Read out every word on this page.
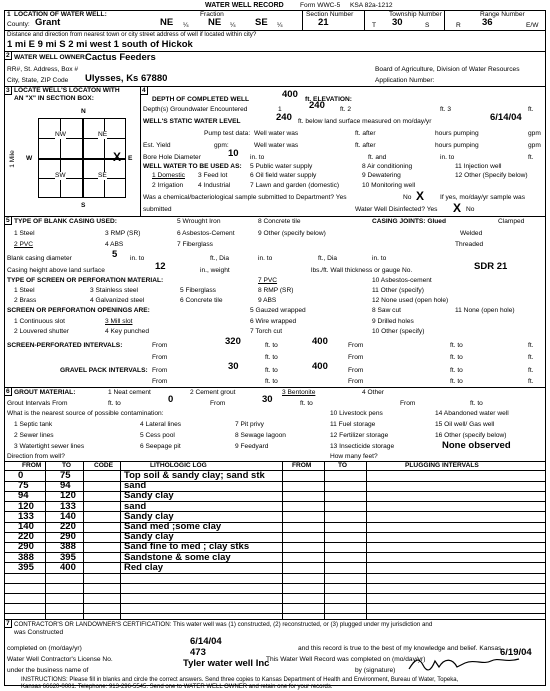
WATER WELL RECORD Form WWC-5 KSA 82a-1212
1 LOCATION OF WATER WELL:
County: Grant
Fraction
NE ¼ NE ¼ SE ¼
Section Number
21
Township Number
T 30	S
Range Number
R 36	E/W
Distance and direction from nearest town or city street address of well if located within city?
1 mi E 9 mi S 2 mi west 1 south of Hickok
2 WATER WELL OWNER:
Cactus Feeders
RR#, St. Address, Box #
City, State, ZIP Code Ulysses, Ks 67880
Board of Agriculture, Division of Water Resources
Application Number:
3 LOCATE WELL'S LOCATON WITH
AN "X" IN SECTION BOX:
N
S
W	E
NW	NE
SW	SE
X
1 Mile
4
DEPTH OF COMPLETED WELL	400 ft. ELEVATION:
Depth(s) Groundwater Encountered	1	240 ft. 2	ft. 3	ft.
WELL'S STATIC WATER LEVEL	240 ft. below land surface measured on mo/day/yr	6/14/04
Pump test data: Well water was	ft. after	hours pumping	gpm
Est. Yield	gpm:	Well water was	ft. after	hours pumping	gpm
Bore Hole Diameter	10 in. to	ft. and	in. to	ft.
WELL WATER TO BE USED AS:
1 Domestic
2 Irrigation
3 Feed lot
4 Industrial
5 Public water supply
6 Oil field water supply
7 Lawn and garden (domestic)
8 Air conditioning
9 Dewatering
10 Monitoring well
11 Injection well
12 Other (Specify below)
Was a chemical/bacteriological sample submitted to Department? Yes	No X If yes, mo/day/yr sample was
submitted	Water Well Disinfected? Yes X No
5 TYPE OF BLANK CASING USED:
1 Steel
2 PVC
3 RMP (SR)
4 ABS
5 Wrought Iron
6 Asbestos-Cement
7 Fiberglass
8 Concrete tile
9 Other (specify below)
CASING JOINTS: Glued	Clamped
Welded
Threaded
Blank casing diameter	5 in. to	ft., Dia	in. to	ft., Dia	in. to
Casing height above land surface	12	in., weight	lbs./ft. Wall thickness or gauge No.	SDR 21
TYPE OF SCREEN OR PERFORATION MATERIAL:
1 Steel
2 Brass
3 Stainless steel
4 Galvanized steel
5 Fiberglass
6 Concrete tile
7 PVC
8 RMP (SR)
9 ABS
10 Asbestos-cement
11 Other (specify)
12 None used (open hole)
SCREEN OR PERFORATION OPENINGS ARE:
1 Continuous slot
2 Louvered shutter
3 Mill slot
4 Key punched
5 Gauzed wrapped
6 Wire wrapped
7 Torch cut
8 Saw cut
9 Drilled holes
10 Other (specify)
11 None (open hole)
SCREEN-PERFORATED INTERVALS:	From	320	ft. to	400	From	ft. to	ft.
From	ft. to	From	ft. to	ft.
GRAVEL PACK INTERVALS: From	30	ft. to	400	From	ft. to	ft.
From	ft. to	From	ft. to	ft.
6 GROUT MATERIAL:	1 Neat cement	2 Cement grout	3 Bentonite	4 Other
Grout Intervals From	0
ft. to	From	30	ft. to	From	ft. to
What is the nearest source of possible contamination:
1 Septic tank
2 Sewer lines
3 Watertight sewer lines
4 Lateral lines
5 Cess pool
6 Seepage pit
7 Pit privy
8 Sewage lagoon
9 Feedyard
10 Livestock pens
11 Fuel storage
12 Fertilizer storage
13 Insecticide storage
14 Abandoned water well
15 Oil well/ Gas well
16 Other (specify below)
None observed
Direction from well?	How many feet?
FROM	TO	CODE	LITHOLOGIC LOG	FROM	TO	PLUGGING INTERVALS
0	75	Top soil & sandy clay; sand stk
75	94	sand
94	120	Sandy clay
120	133	sand
133	140	Sandy clay
140	220	Sand med ;some clay
220	290	Sandy clay
290	388	Sand fine to med ; clay stks
388	395	Sandstone & some clay
395	400	Red clay
7 CONTRACTOR'S OR LANDOWNER'S CERTIFICATION: This water well was (1) constructed, (2) reconstructed, or (3) plugged under my jurisdiction and
was Constructed
completed on (mo/day/yr)
6/14/04
and this record is true to the best of my knowledge and belief. Kansas
Water Well Contractor's License No.
473
This Water Well Record was completed on (mo/day/yr)
6/19/04
under the business name of
Tyler water well Inc
by (signature)
INSTRUCTIONS: Please fill in blanks and circle the correct answers. Send three copies to Kansas Department of Health and Environment, Bureau of Water, Topeka,
Kansas 66620-0001. Telephone: 913-296-5545. Send one to WATER WELL OWNER and retain one for your records.
